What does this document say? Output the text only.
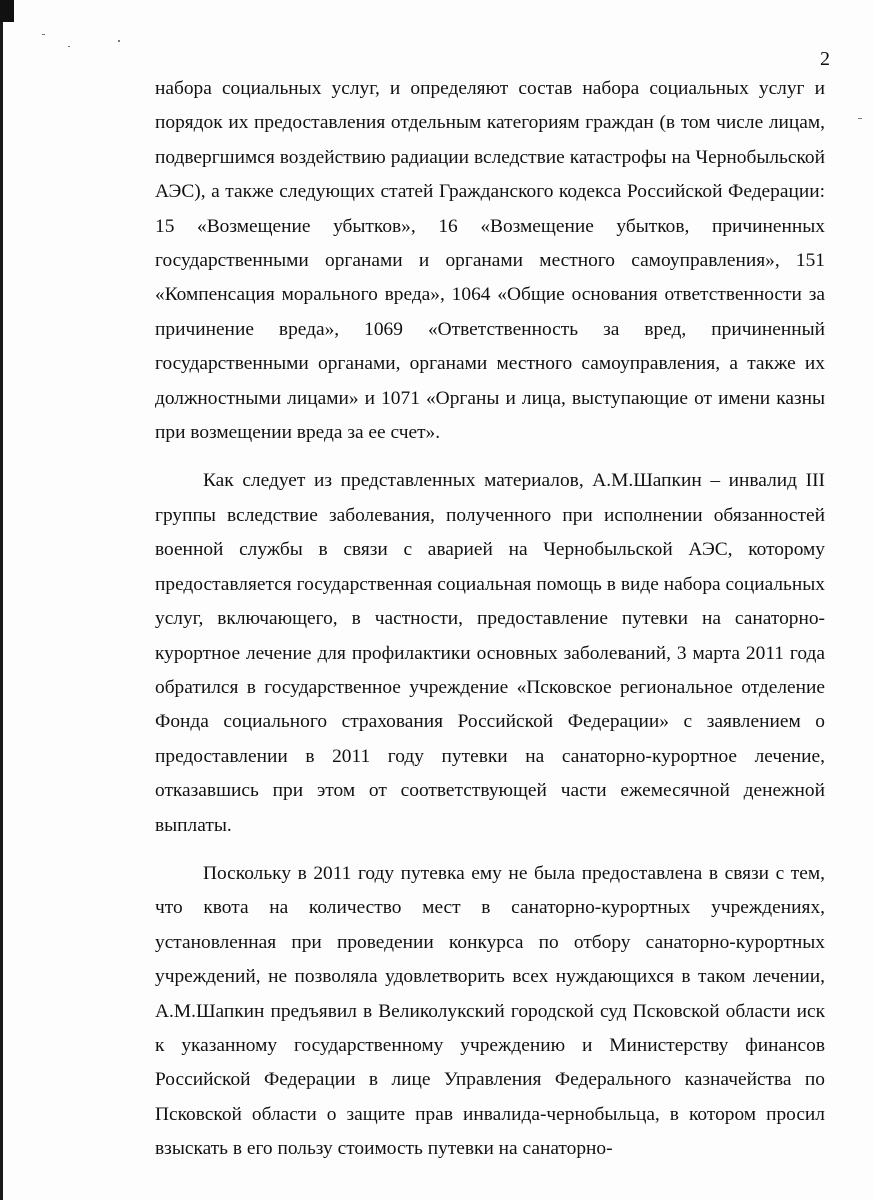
2

набора социальных услуг, и определяют состав набора социальных услуг и порядок их предоставления отдельным категориям граждан (в том числе лицам, подвергшимся воздействию радиации вследствие катастрофы на Чернобыльской АЭС), а также следующих статей Гражданского кодекса Российской Федерации: 15 «Возмещение убытков», 16 «Возмещение убытков, причиненных государственными органами и органами местного самоуправления», 151 «Компенсация морального вреда», 1064 «Общие основания ответственности за причинение вреда», 1069 «Ответственность за вред, причиненный государственными органами, органами местного самоуправления, а также их должностными лицами» и 1071 «Органы и лица, выступающие от имени казны при возмещении вреда за ее счет».

Как следует из представленных материалов, А.М.Шапкин – инвалид III группы вследствие заболевания, полученного при исполнении обязанностей военной службы в связи с аварией на Чернобыльской АЭС, которому предоставляется государственная социальная помощь в виде набора социальных услуг, включающего, в частности, предоставление путевки на санаторно-курортное лечение для профилактики основных заболеваний, 3 марта 2011 года обратился в государственное учреждение «Псковское региональное отделение Фонда социального страхования Российской Федерации» с заявлением о предоставлении в 2011 году путевки на санаторно-курортное лечение, отказавшись при этом от соответствующей части ежемесячной денежной выплаты.

Поскольку в 2011 году путевка ему не была предоставлена в связи с тем, что квота на количество мест в санаторно-курортных учреждениях, установленная при проведении конкурса по отбору санаторно-курортных учреждений, не позволяла удовлетворить всех нуждающихся в таком лечении, А.М.Шапкин предъявил в Великолукский городской суд Псковской области иск к указанному государственному учреждению и Министерству финансов Российской Федерации в лице Управления Федерального казначейства по Псковской области о защите прав инвалида-чернобыльца, в котором просил взыскать в его пользу стоимость путевки на санаторно-
